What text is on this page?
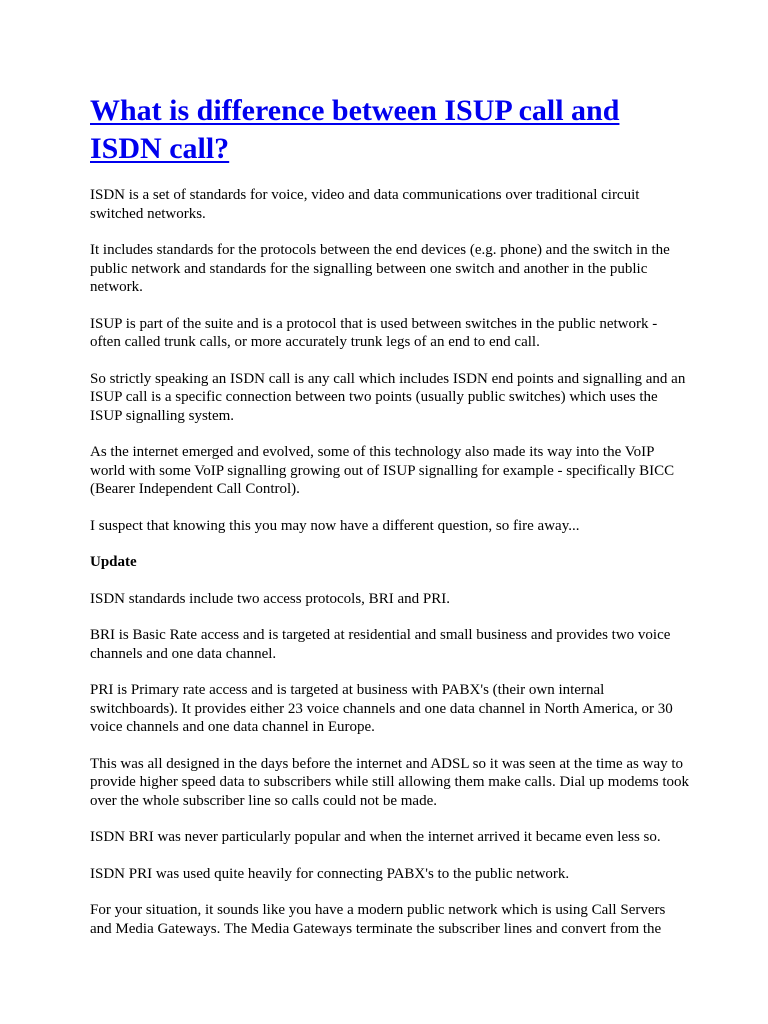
What is difference between ISUP call and ISDN call?

ISDN is a set of standards for voice, video and data communications over traditional circuit switched networks.

It includes standards for the protocols between the end devices (e.g. phone) and the switch in the public network and standards for the signalling between one switch and another in the public network.

ISUP is part of the suite and is a protocol that is used between switches in the public network - often called trunk calls, or more accurately trunk legs of an end to end call.

So strictly speaking an ISDN call is any call which includes ISDN end points and signalling and an ISUP call is a specific connection between two points (usually public switches) which uses the ISUP signalling system.

As the internet emerged and evolved, some of this technology also made its way into the VoIP world with some VoIP signalling growing out of ISUP signalling for example - specifically BICC (Bearer Independent Call Control).

I suspect that knowing this you may now have a different question, so fire away...

Update

ISDN standards include two access protocols, BRI and PRI.

BRI is Basic Rate access and is targeted at residential and small business and provides two voice channels and one data channel.

PRI is Primary rate access and is targeted at business with PABX's (their own internal switchboards). It provides either 23 voice channels and one data channel in North America, or 30 voice channels and one data channel in Europe.

This was all designed in the days before the internet and ADSL so it was seen at the time as way to provide higher speed data to subscribers while still allowing them make calls. Dial up modems took over the whole subscriber line so calls could not be made.

ISDN BRI was never particularly popular and when the internet arrived it became even less so.

ISDN PRI was used quite heavily for connecting PABX's to the public network.

For your situation, it sounds like you have a modern public network which is using Call Servers and Media Gateways. The Media Gateways terminate the subscriber lines and convert from the
